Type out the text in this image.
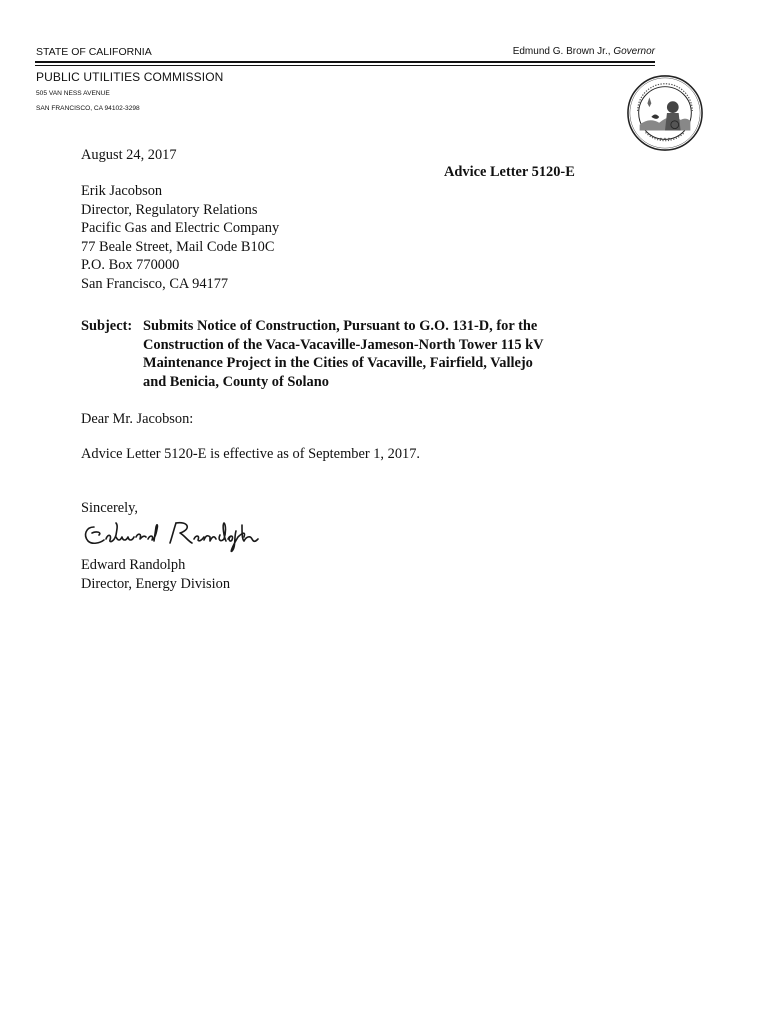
STATE OF CALIFORNIA	Edmund G. Brown Jr., Governor
PUBLIC UTILITIES COMMISSION
505 VAN NESS AVENUE
SAN FRANCISCO, CA 94102-3298
* * *
August 24, 2017
Advice Letter 5120-E
Erik Jacobson
Director, Regulatory Relations
Pacific Gas and Electric Company
77 Beale Street, Mail Code B10C
P.O. Box 770000
San Francisco, CA 94177
Subject: Submits Notice of Construction, Pursuant to G.O. 131-D, for the
Construction of the Vaca-Vacaville-Jameson-North Tower 115 kV
Maintenance Project in the Cities of Vacaville, Fairfield, Vallejo
and Benicia, County of Solano
Dear Mr. Jacobson:
Advice Letter 5120-E is effective as of September 1, 2017.
Sincerely,
Edward Randolph
Director, Energy Division
